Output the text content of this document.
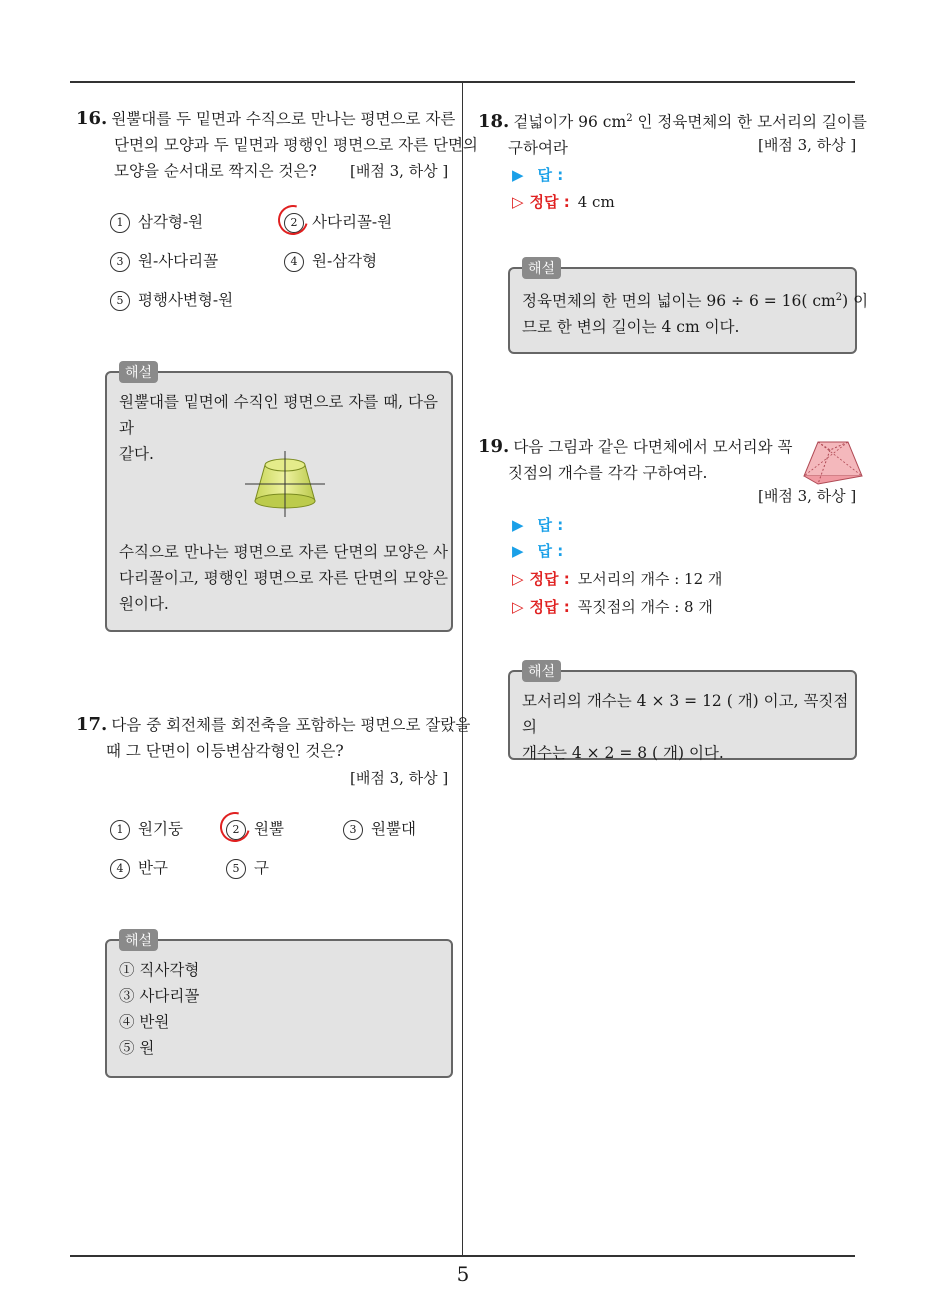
5
16. 원뿔대를 두 밑면과 수직으로 만나는 평면으로 자른
단면의 모양과 두 밑면과 평행인 평면으로 자른 단면의
모양을 순서대로 짝지은 것은?	[배점 3, 하상 ]
1 삼각형-원	2 사다리꼴-원
3 원-사다리꼴	4 원-삼각형
5 평행사변형-원
해설
원뿔대를 밑면에 수직인 평면으로 자를 때, 다음과
같다.
수직으로 만나는 평면으로 자른 단면의 모양은 사
다리꼴이고, 평행인 평면으로 자른 단면의 모양은
원이다.
17. 다음 중 회전체를 회전축을 포함하는 평면으로 잘랐을
때 그 단면이 이등변삼각형인 것은?
[배점 3, 하상 ]
1 원기둥	2 원뿔	3 원뿔대
4 반구	5 구
해설
① 직사각형
③ 사다리꼴
④ 반원
⑤ 원
18. 겉넓이가 96 $cm^2$ 인 정육면체의 한 모서리의 길이를
구하여라	[배점 3, 하상 ]
▶ 답 :
▷ 정답 : 4 cm
해설
정육면체의 한 면의 넓이는 96 ÷ 6 = 16( $cm^2$) 이
므로 한 변의 길이는 4 cm 이다.
19. 다음 그림과 같은 다면체에서 모서리와 꼭
짓점의 개수를 각각 구하여라.
[배점 3, 하상 ]
▶ 답 :
▶ 답 :
▷ 정답 : 모서리의 개수 : 12 개
▷ 정답 : 꼭짓점의 개수 : 8 개
해설
모서리의 개수는 4 × 3 = 12 ( 개) 이고, 꼭짓점의
개수는 4 × 2 = 8 ( 개) 이다.
